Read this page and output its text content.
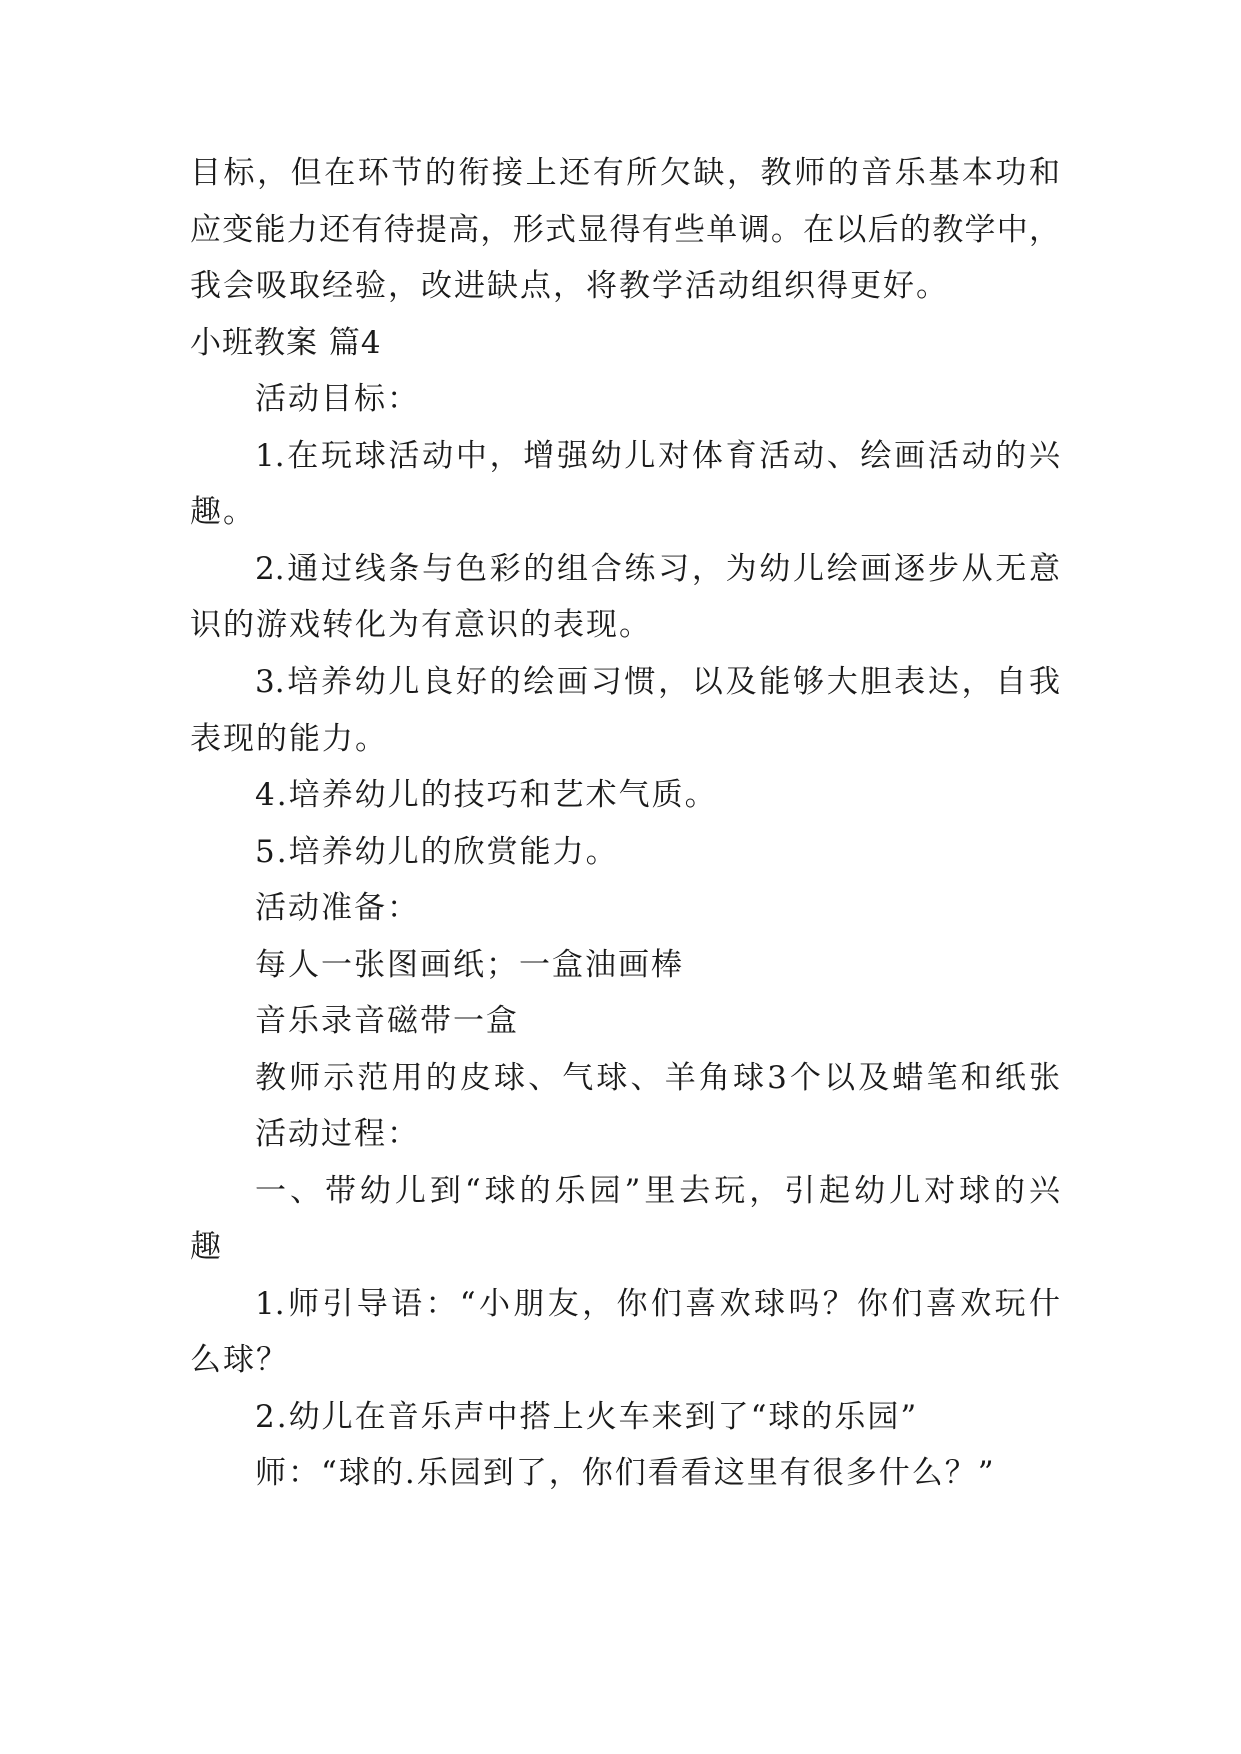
目标，但在环节的衔接上还有所欠缺，教师的音乐基本功和
应变能力还有待提高，形式显得有些单调。在以后的教学中，
我会吸取经验，改进缺点，将教学活动组织得更好。
小班教案 篇4
活动目标：
1.在玩球活动中，增强幼儿对体育活动、绘画活动的兴
趣。
2.通过线条与色彩的组合练习，为幼儿绘画逐步从无意
识的游戏转化为有意识的表现。
3.培养幼儿良好的绘画习惯，以及能够大胆表达，自我
表现的能力。
4.培养幼儿的技巧和艺术气质。
5.培养幼儿的欣赏能力。
活动准备：
每人一张图画纸；一盒油画棒
音乐录音磁带一盒
教师示范用的皮球、气球、羊角球3个以及蜡笔和纸张
活动过程：
一、带幼儿到“球的乐园”里去玩，引起幼儿对球的兴
趣
1.师引导语：“小朋友，你们喜欢球吗？你们喜欢玩什
么球？
2.幼儿在音乐声中搭上火车来到了“球的乐园”
师：“球的.乐园到了，你们看看这里有很多什么？”
